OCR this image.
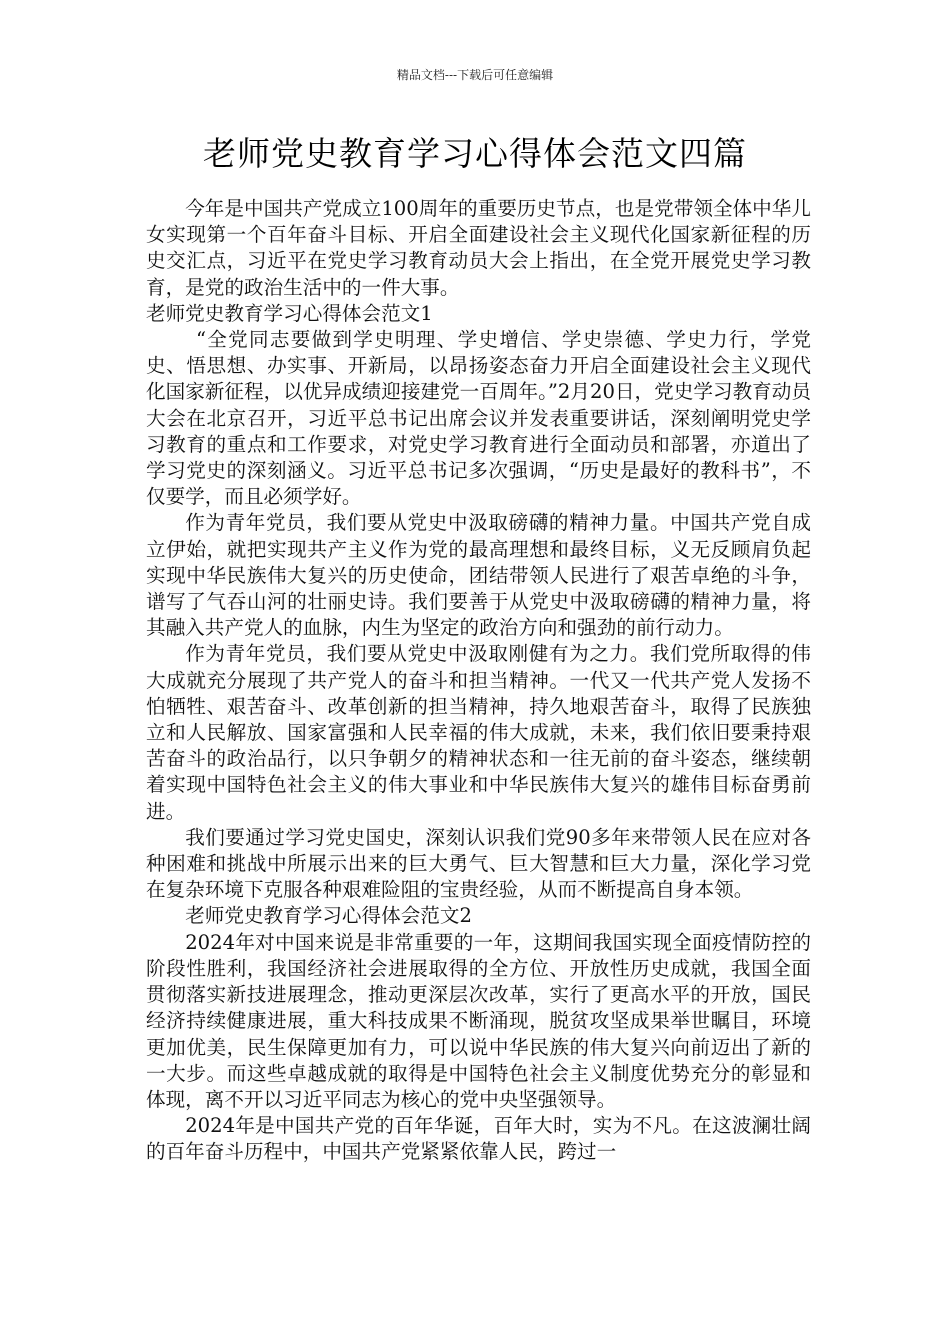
精品文档---下载后可任意编辑
老师党史教育学习心得体会范文四篇

今年是中国共产党成立100周年的重要历史节点，也是党带领全体中华儿女实现第一个百年奋斗目标、开启全面建设社会主义现代化国家新征程的历史交汇点，习近平在党史学习教育动员大会上指出，在全党开展党史学习教育，是党的政治生活中的一件大事。

老师党史教育学习心得体会范文1

“全党同志要做到学史明理、学史增信、学史崇德、学史力行，学党史、悟思想、办实事、开新局，以昂扬姿态奋力开启全面建设社会主义现代化国家新征程，以优异成绩迎接建党一百周年。”2月20日，党史学习教育动员大会在北京召开，习近平总书记出席会议并发表重要讲话，深刻阐明党史学习教育的重点和工作要求，对党史学习教育进行全面动员和部署，亦道出了学习党史的深刻涵义。习近平总书记多次强调，“历史是最好的教科书”，不仅要学，而且必须学好。

作为青年党员，我们要从党史中汲取磅礴的精神力量。中国共产党自成立伊始，就把实现共产主义作为党的最高理想和最终目标，义无反顾肩负起实现中华民族伟大复兴的历史使命，团结带领人民进行了艰苦卓绝的斗争，谱写了气吞山河的壮丽史诗。我们要善于从党史中汲取磅礴的精神力量，将其融入共产党人的血脉，内生为坚定的政治方向和强劲的前行动力。

作为青年党员，我们要从党史中汲取刚健有为之力。我们党所取得的伟大成就充分展现了共产党人的奋斗和担当精神。一代又一代共产党人发扬不怕牺牲、艰苦奋斗、改革创新的担当精神，持久地艰苦奋斗，取得了民族独立和人民解放、国家富强和人民幸福的伟大成就，未来，我们依旧要秉持艰苦奋斗的政治品行，以只争朝夕的精神状态和一往无前的奋斗姿态，继续朝着实现中国特色社会主义的伟大事业和中华民族伟大复兴的雄伟目标奋勇前进。

我们要通过学习党史国史，深刻认识我们党90多年来带领人民在应对各种困难和挑战中所展示出来的巨大勇气、巨大智慧和巨大力量，深化学习党在复杂环境下克服各种艰难险阻的宝贵经验，从而不断提高自身本领。

老师党史教育学习心得体会范文2

2024年对中国来说是非常重要的一年，这期间我国实现全面疫情防控的阶段性胜利，我国经济社会进展取得的全方位、开放性历史成就，我国全面贯彻落实新技进展理念，推动更深层次改革，实行了更高水平的开放，国民经济持续健康进展，重大科技成果不断涌现，脱贫攻坚成果举世瞩目，环境更加优美，民生保障更加有力，可以说中华民族的伟大复兴向前迈出了新的一大步。而这些卓越成就的取得是中国特色社会主义制度优势充分的彰显和体现，离不开以习近平同志为核心的党中央坚强领导。

2024年是中国共产党的百年华诞，百年大时，实为不凡。在这波澜壮阔的百年奋斗历程中，中国共产党紧紧依靠人民，跨过一
